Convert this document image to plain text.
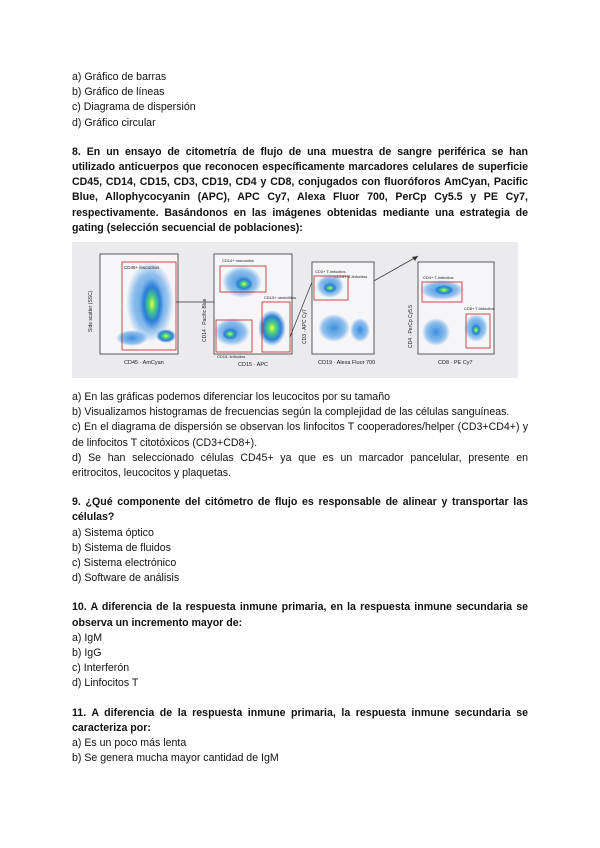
a) Gráfico de barras

b) Gráfico de líneas

c) Diagrama de dispersión

d) Gráfico circular

8. En un ensayo de citometría de flujo de una muestra de sangre periférica se han utilizado anticuerpos que reconocen específicamente marcadores celulares de superficie CD45, CD14, CD15, CD3, CD19, CD4 y CD8, conjugados con fluoróforos AmCyan, Pacific Blue, Allophycocyanin (APC), APC Cy7, Alexa Fluor 700, PerCp Cy5.5 y PE Cy7, respectivamente. Basándonos en las imágenes obtenidas mediante una estrategia de gating (selección secuencial de poblaciones):

CD45+ leucocitos
Side scatter (SSC)
CD45 · AmCyan
CD14+ monocitos
CD15+ neutrófilos
CD15- linfocitos
CD14 · Pacific Blue
CD15 · APC
CD3+ T-linfocitos
CD19+ B-linfocitos
CD3 · APC Cy7
CD19 · Alexa Fluor 700
CD4+ T-linfocitos
CD8+ T-linfocitos
CD4 · PerCp Cy5.5
CD8 · PE Cy7

a) En las gráficas podemos diferenciar los leucocitos por su tamaño

b) Visualizamos histogramas de frecuencias según la complejidad de las células sanguíneas.

c) En el diagrama de dispersión se observan los linfocitos T cooperadores/helper (CD3+CD4+) y de linfocitos T citotóxicos (CD3+CD8+).

d) Se han seleccionado células CD45+ ya que es un marcador pancelular, presente en eritrocitos, leucocitos y plaquetas.

9. ¿Qué componente del citómetro de flujo es responsable de alinear y transportar las células?

a) Sistema óptico

b) Sistema de fluidos

c) Sistema electrónico

d) Software de análisis

10. A diferencia de la respuesta inmune primaria, en la respuesta inmune secundaria se observa un incremento mayor de:

a) IgM

b) IgG

c) Interferón

d) Linfocitos T

11. A diferencia de la respuesta inmune primaria, la respuesta inmune secundaria se caracteriza por:

a) Es un poco más lenta

b) Se genera mucha mayor cantidad de IgM
